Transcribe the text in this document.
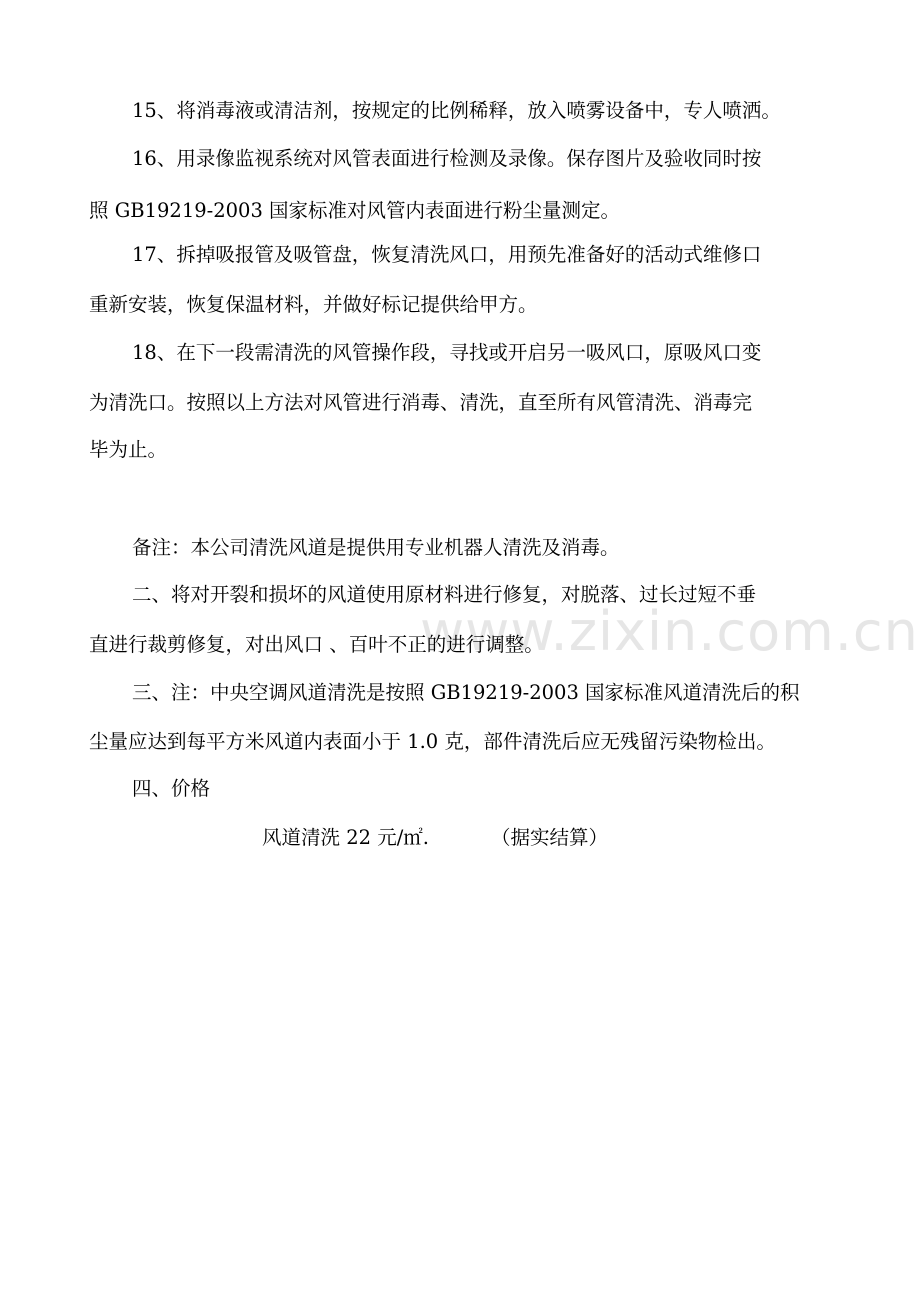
www.zixin.com.cn
15、将消毒液或清洁剂，按规定的比例稀释，放入喷雾设备中，专人喷洒。
16、用录像监视系统对风管表面进行检测及录像。保存图片及验收同时按
照 GB19219-2003 国家标准对风管内表面进行粉尘量测定。
17、拆掉吸报管及吸管盘，恢复清洗风口，用预先准备好的活动式维修口
重新安装，恢复保温材料，并做好标记提供给甲方。
18、在下一段需清洗的风管操作段，寻找或开启另一吸风口，原吸风口变
为清洗口。按照以上方法对风管进行消毒、清洗，直至所有风管清洗、消毒完
毕为止。
备注：本公司清洗风道是提供用专业机器人清洗及消毒。
二、将对开裂和损坏的风道使用原材料进行修复，对脱落、过长过短不垂
直进行裁剪修复，对出风口 、百叶不正的进行调整。
三、注：中央空调风道清洗是按照 GB19219-2003 国家标准风道清洗后的积
尘量应达到每平方米风道内表面小于 1.0 克，部件清洗后应无残留污染物检出。
四、价格
风道清洗 22 元/㎡.	（据实结算）
